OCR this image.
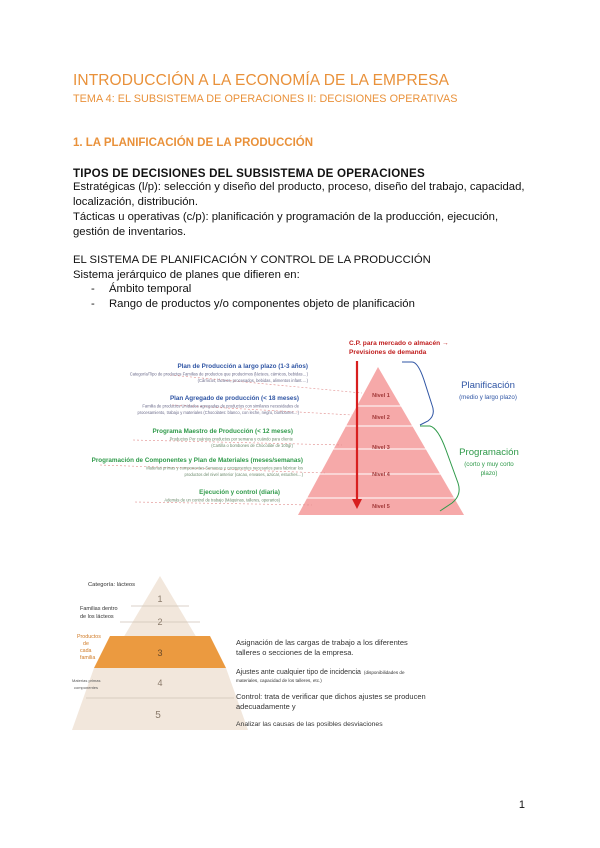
INTRODUCCIÓN A LA ECONOMÍA DE LA EMPRESA
TEMA 4: EL SUBSISTEMA DE OPERACIONES II: DECISIONES OPERATIVAS
1. LA PLANIFICACIÓN DE LA PRODUCCIÓN
TIPOS DE DECISIONES DEL SUBSISTEMA DE OPERACIONES
Estratégicas (l/p): selección y diseño del producto, proceso, diseño del trabajo, capacidad,
localización, distribución.
Tácticas u operativas (c/p): planificación y programación de la producción, ejecución,
gestión de inventarios.
EL SISTEMA DE PLANIFICACIÓN Y CONTROL DE LA PRODUCCIÓN
Sistema jerárquico de planes que difieren en:
- Ámbito temporal
- Rango de productos y/o componentes objeto de planificación
Nivel 1
Nivel 2
Nivel 3
Nivel 4
Nivel 5
C.P. para mercado o almacén →
Previsiones de demanda
Planificación
(medio y largo plazo)
Programación
(corto y muy corto
plazo)
Plan de Producción a largo plazo (1-3 años)
Categoría/Tipo de productos Familias de productos que producimos (lácteos, cárnicos, bebidas…)
(Cárnicos, lácteos, procesados, bebidas, alimentos infant.…)
Plan Agregado de producción (< 18 meses)
Familia de productos Unidades agregadas de productos con similares necesidades de
procesamiento, trabajo y materiales (Chocolates: blanco, con leche, negro, bombones…)
Programa Maestro de Producción (< 12 meses)
Productos Por cuántos productos por semana y cuándo para cliente
(Cartilla o bombones de Chocolate de 100gr)
Programación de Componentes y Plan de Materiales (meses/semanas)
Materias primas y componentes Semanas y componentes necesarios para fabricar los
productos del nivel anterior (cacao, envases, azúcar, estuches…)
Ejecución y control (diaria)
Además de un control de trabajo (Máquinas, talleres, operarios)
1
2
3
4
5
Categoría: lácteos
Familias dentro
de los lácteos
Productos
de
cada
familia
Materias primas
componentes
Asignación de las cargas de trabajo a los diferentes
talleres o secciones de la empresa.
Ajustes ante cualquier tipo de incidencia (disponibilidades de
materiales, capacidad de los talleres, etc.)
Control: trata de verificar que dichos ajustes se producen
adecuadamente y
Analizar las causas de las posibles desviaciones
1
